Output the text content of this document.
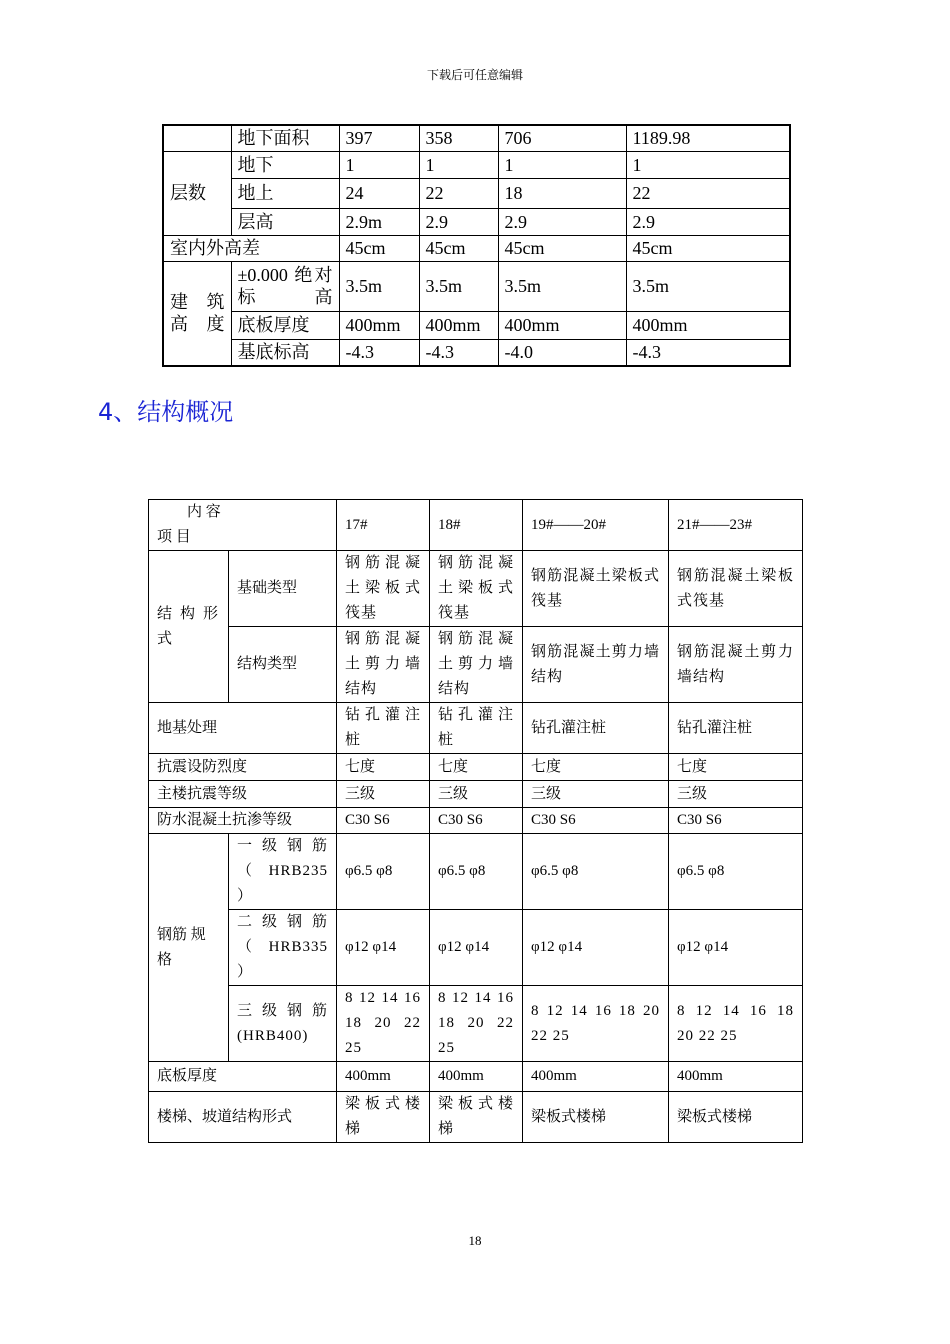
下载后可任意编辑
	地下面积	397	358	706	1189.98
层数	地下	1	1	1	1
	地上	24	22	18	22
	层高	2.9m	2.9	2.9	2.9
室内外高差		45cm	45cm	45cm	45cm
建 筑 高度	±0.000 绝对标高	3.5m	3.5m	3.5m	3.5m
	底板厚度	400mm	400mm	400mm	400mm
	基底标高	-4.3	-4.3	-4.0	-4.3
4、结构概况
内 容
项 目		17#	18#	19#——20#	21#——23#
结 构 形 式	基础类型	钢筋混凝土梁板式筏基	钢筋混凝土梁板式筏基	钢筋混凝土梁板式筏基	钢筋混凝土梁板式筏基
	结构类型	钢筋混凝土剪力墙结构	钢筋混凝土剪力墙结构	钢筋混凝土剪力墙结构	钢筋混凝土剪力墙结构
地基处理		钻孔灌注桩	钻孔灌注桩	钻孔灌注桩	钻孔灌注桩
抗震设防烈度		七度	七度	七度	七度
主楼抗震等级		三级	三级	三级	三级
防水混凝土抗渗等级		C30 S6	C30 S6	C30 S6	C30 S6
钢筋 规格	一 级 钢 筋 （ HRB235 ）	φ6.5 φ8	φ6.5 φ8	φ6.5 φ8	φ6.5 φ8
	二 级 钢 筋 （ HRB335 ）	φ12 φ14	φ12 φ14	φ12 φ14	φ12 φ14
	三 级 钢 筋 (HRB400)	8 12 14 16 18 20 22 25	8 12 14 16 18 20 22 25	8 12 14 16 18 20 22 25	8 12 14 16 18 20 22 25
底板厚度		400mm	400mm	400mm	400mm
楼梯、坡道结构形式		梁板式楼梯	梁板式楼梯	梁板式楼梯	梁板式楼梯
18
